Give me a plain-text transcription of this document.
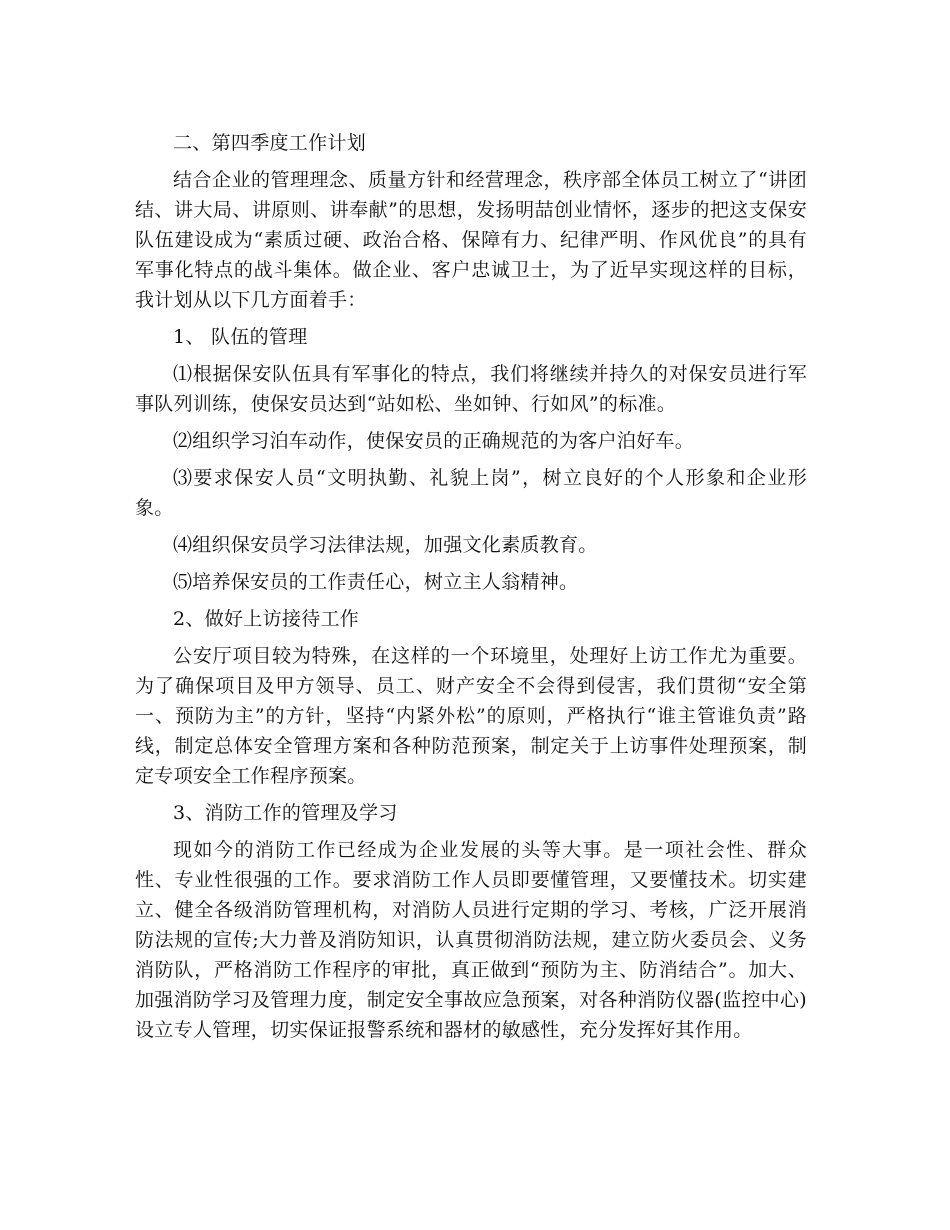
二、第四季度工作计划

结合企业的管理理念、质量方针和经营理念，秩序部全体员工树立了“讲团结、讲大局、讲原则、讲奉献”的思想，发扬明喆创业情怀，逐步的把这支保安队伍建设成为“素质过硬、政治合格、保障有力、纪律严明、作风优良”的具有军事化特点的战斗集体。做企业、客户忠诚卫士，为了近早实现这样的目标，我计划从以下几方面着手：

1、 队伍的管理

⑴根据保安队伍具有军事化的特点，我们将继续并持久的对保安员进行军事队列训练，使保安员达到“站如松、坐如钟、行如风”的标准。

⑵组织学习泊车动作，使保安员的正确规范的为客户泊好车。

⑶要求保安人员“文明执勤、礼貌上岗”，树立良好的个人形象和企业形象。

⑷组织保安员学习法律法规，加强文化素质教育。

⑸培养保安员的工作责任心，树立主人翁精神。

2、做好上访接待工作

公安厅项目较为特殊，在这样的一个环境里，处理好上访工作尤为重要。为了确保项目及甲方领导、员工、财产安全不会得到侵害，我们贯彻“安全第一、预防为主”的方针，坚持“内紧外松”的原则，严格执行“谁主管谁负责”路线，制定总体安全管理方案和各种防范预案，制定关于上访事件处理预案，制定专项安全工作程序预案。

3、消防工作的管理及学习

现如今的消防工作已经成为企业发展的头等大事。是一项社会性、群众性、专业性很强的工作。要求消防工作人员即要懂管理，又要懂技术。切实建立、健全各级消防管理机构，对消防人员进行定期的学习、考核，广泛开展消防法规的宣传;大力普及消防知识，认真贯彻消防法规，建立防火委员会、义务消防队，严格消防工作程序的审批，真正做到“预防为主、防消结合”。加大、加强消防学习及管理力度，制定安全事故应急预案，对各种消防仪器(监控中心)设立专人管理，切实保证报警系统和器材的敏感性，充分发挥好其作用。
